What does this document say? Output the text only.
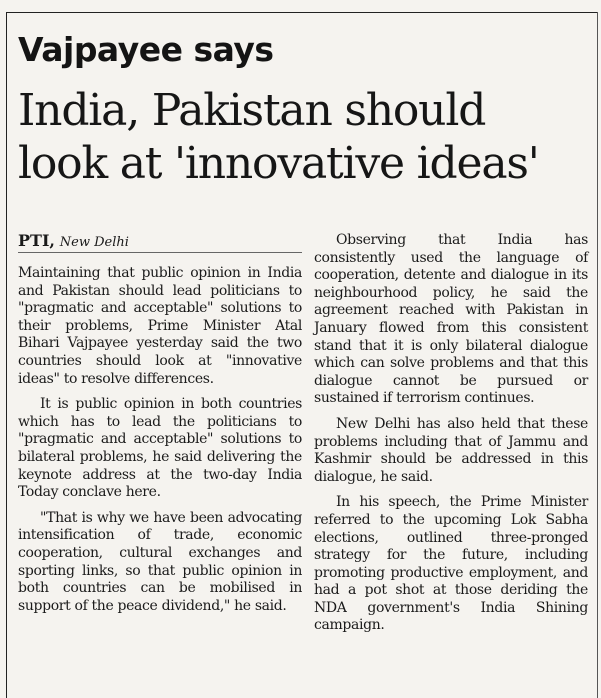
Vajpayee says
India, Pakistan should
look at 'innovative ideas'
PTI, New Delhi

Maintaining that public opinion in India and Pakistan should lead politicians to "pragmatic and acceptable" solutions to their problems, Prime Minister Atal Bihari Vajpayee yesterday said the two countries should look at "innovative ideas" to resolve differences.

It is public opinion in both countries which has to lead the politicians to "pragmatic and acceptable" solutions to bilateral problems, he said delivering the keynote address at the two-day India Today conclave here.

"That is why we have been advocating intensification of trade, economic cooperation, cultural exchanges and sporting links, so that public opinion in both countries can be mobilised in support of the peace dividend," he said.

Observing that India has consistently used the language of cooperation, detente and dialogue in its neighbourhood policy, he said the agreement reached with Pakistan in January flowed from this consistent stand that it is only bilateral dialogue which can solve problems and that this dialogue cannot be pursued or sustained if terrorism continues.

New Delhi has also held that these problems including that of Jammu and Kashmir should be addressed in this dialogue, he said.

In his speech, the Prime Minister referred to the upcoming Lok Sabha elections, outlined three-pronged strategy for the future, including promoting productive employment, and had a pot shot at those deriding the NDA government's India Shining campaign.
